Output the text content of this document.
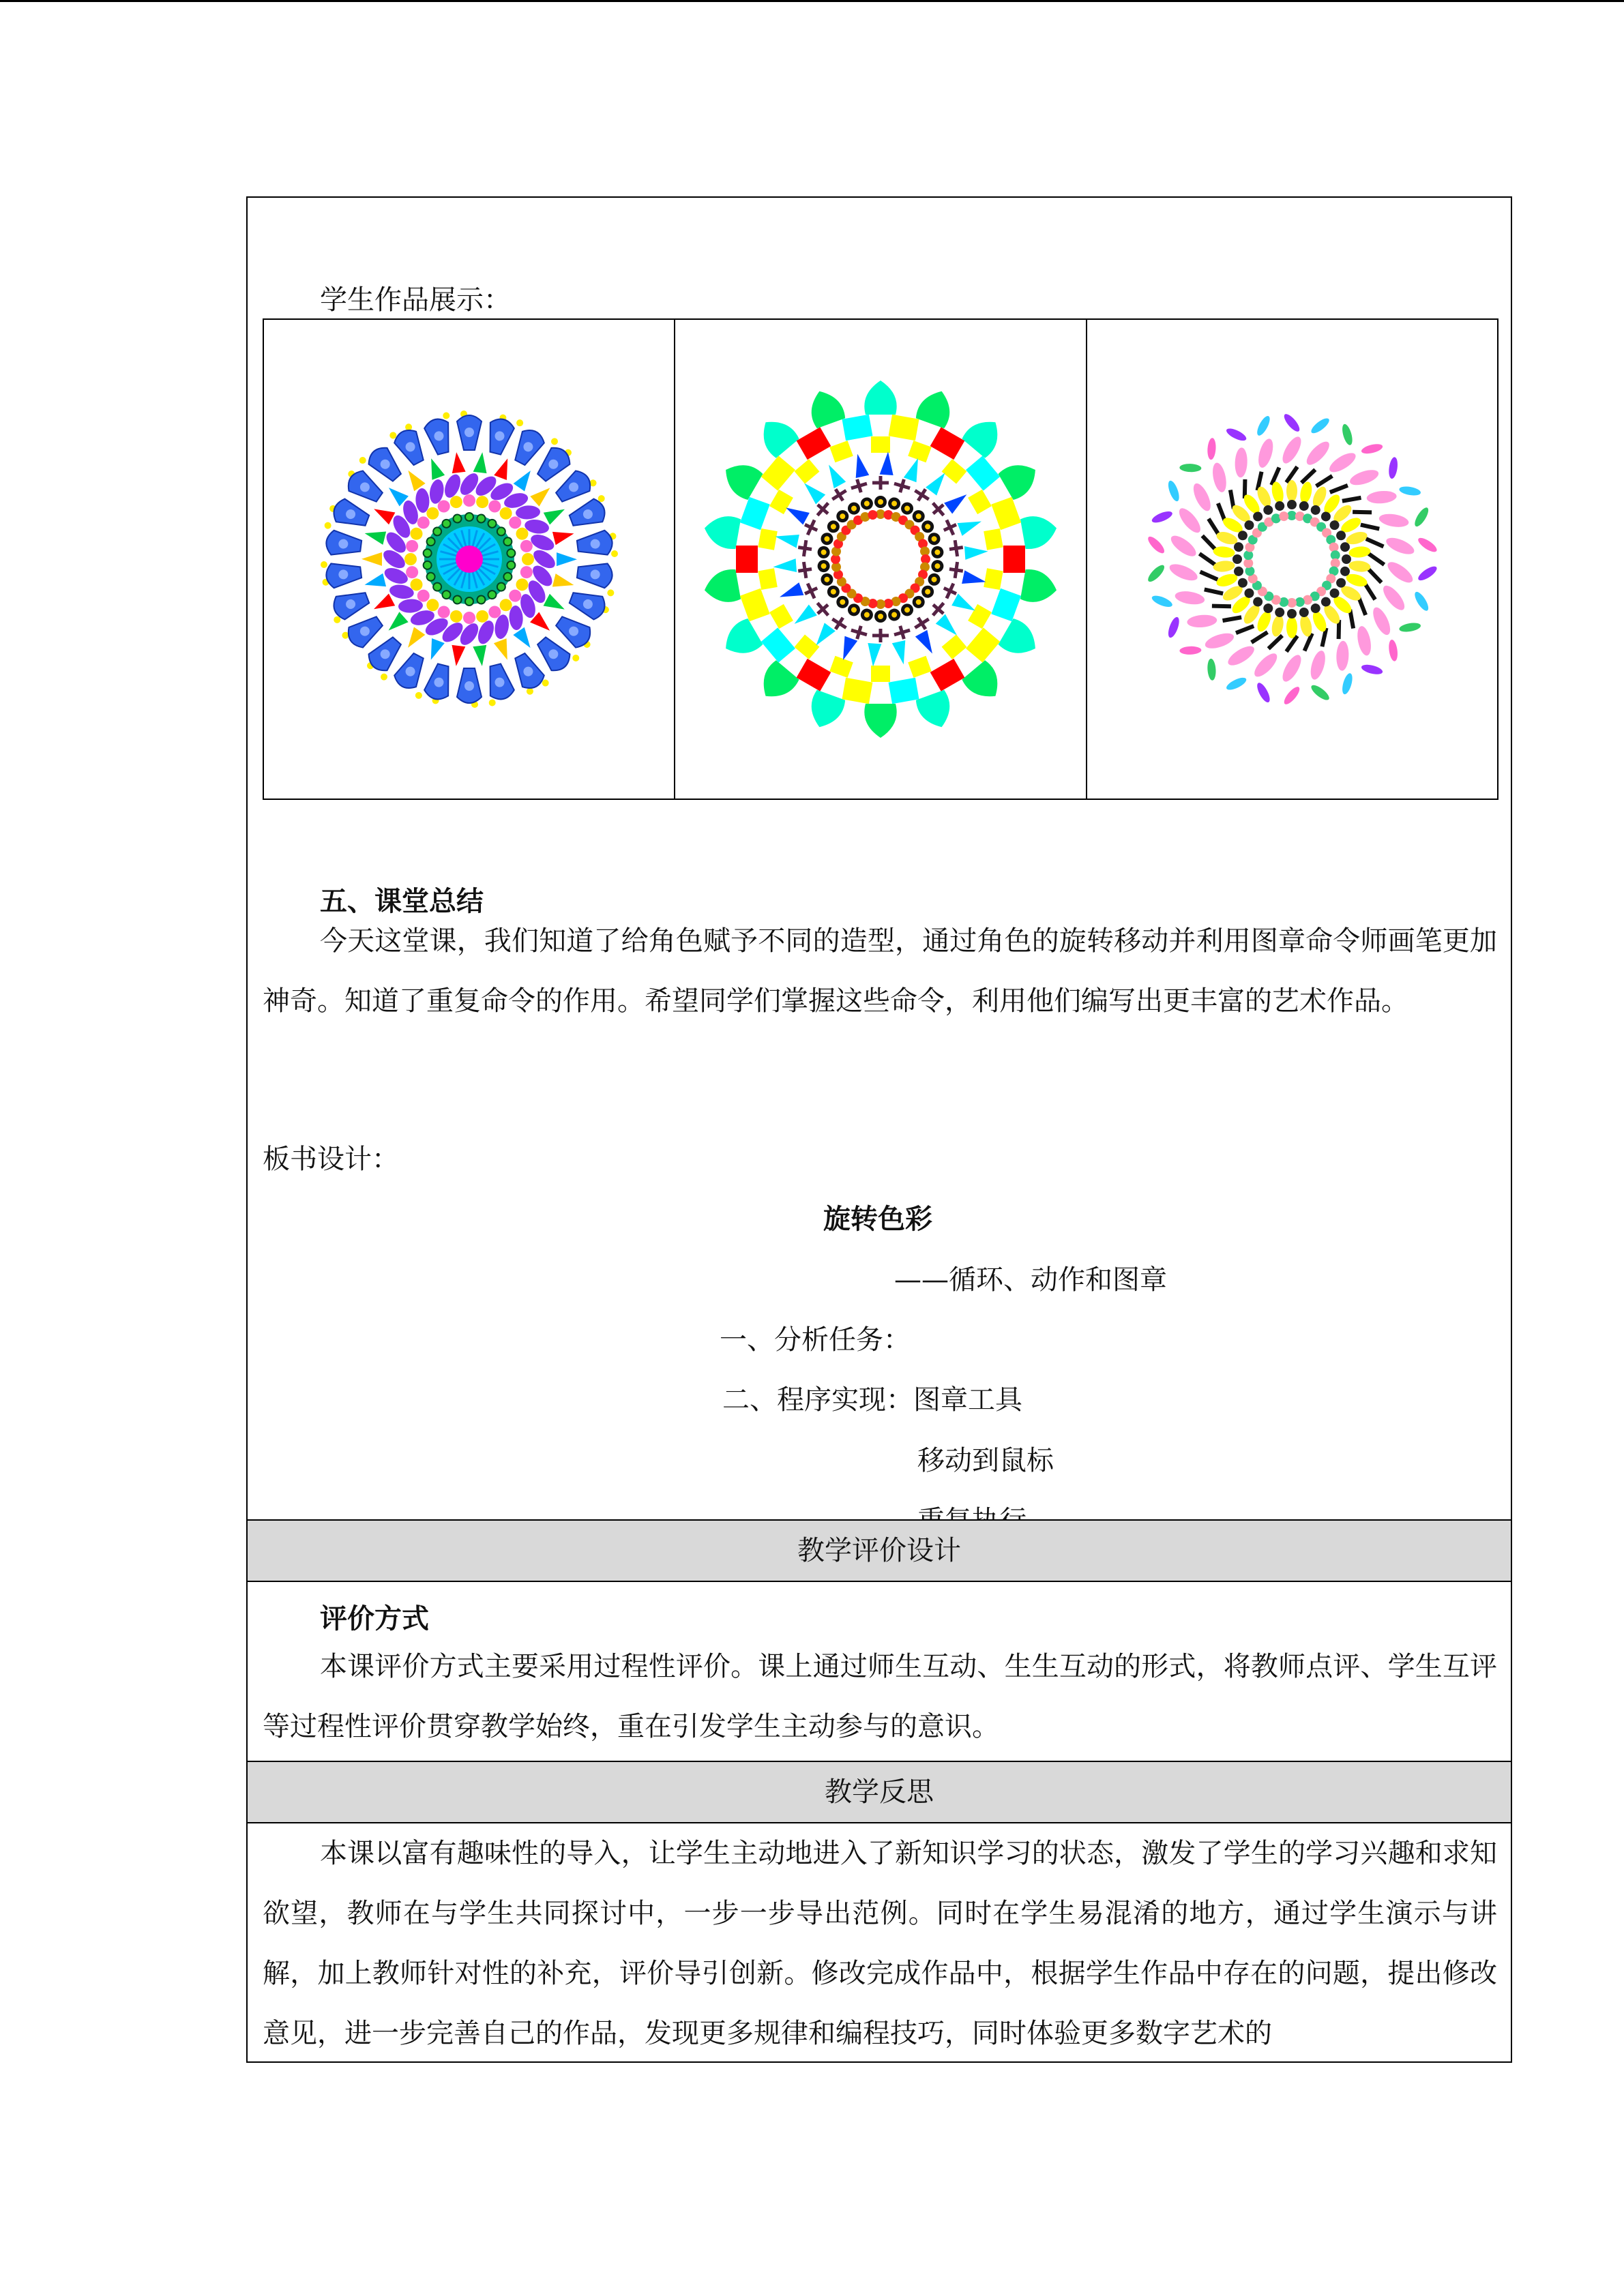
学生作品展示：
五、课堂总结
今天这堂课，我们知道了给角色赋予不同的造型，通过角色的旋转移动并利用图章命令师画笔更加神奇。知道了重复命令的作用。希望同学们掌握这些命令，利用他们编写出更丰富的艺术作品。
板书设计：
旋转色彩
——循环、动作和图章
一、分析任务：
二、程序实现：图章工具
移动到鼠标
教学评价设计
评价方式
本课评价方式主要采用过程性评价。课上通过师生互动、生生互动的形式，将教师点评、学生互评等过程性评价贯穿教学始终，重在引发学生主动参与的意识。
教学反思
本课以富有趣味性的导入，让学生主动地进入了新知识学习的状态，激发了学生的学习兴趣和求知欲望，教师在与学生共同探讨中，一步一步导出范例。同时在学生易混淆的地方，通过学生演示与讲解，加上教师针对性的补充，评价导引创新。修改完成作品中，根据学生作品中存在的问题，提出修改意见，进一步完善自己的作品，发现更多规律和编程技巧，同时体验更多数字艺术的
